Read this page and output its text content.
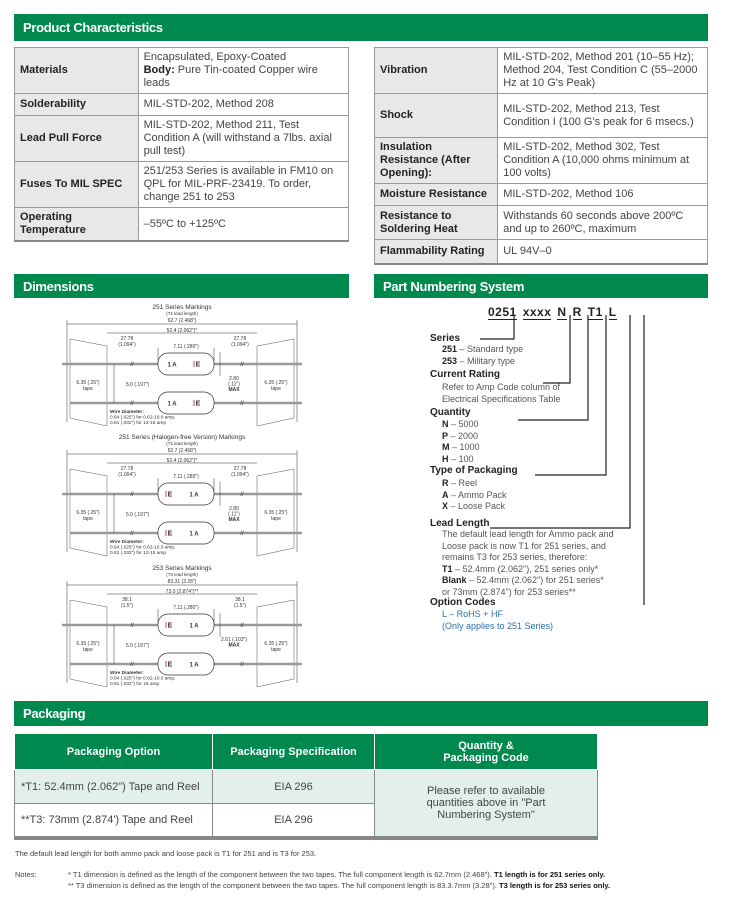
Product Characteristics
Materials	Encapsulated, Epoxy-Coated
Body: Pure Tin-coated Copper wire leads
Solderability	MIL-STD-202, Method 208
Lead Pull Force	MIL-STD-202, Method 211, Test Condition A (will withstand a 7lbs. axial pull test)
Fuses To MIL SPEC	251/253 Series is available in FM10 on QPL for MIL-PRF-23419. To order, change 251 to 253
Operating Temperature	–55ºC to +125ºC
Vibration	MIL-STD-202, Method 201 (10–55 Hz); Method 204, Test Condition C (55–2000 Hz at 10 G's Peak)
Shock	MIL-STD-202, Method 213, Test Condition I (100 G's peak for 6 msecs.)
Insulation Resistance (After Opening):	MIL-STD-202, Method 302, Test Condition A (10,000 ohms minimum at 100 volts)
Moisture Resistance	MIL-STD-202, Method 106
Resistance to Soldering Heat	Withstands 60 seconds above 200ºC and up to 260ºC, maximum
Flammability Rating	UL 94V–0
Dimensions	Part Numbering System
251 Series Markings
(T1 lead length)
62.7 (2.468")
52.4 (2.062")*
E
1 A
//	//
E
1 A
//	//
27.78
(1.094")
27.78
(1.094")
7.11 (.280")
2.80
(.11")
MAX
6.35 (.25")
tape
6.35 (.25")
tape
5.0 (.197")
Wire Diameter:
0.64 (.025") for 0.62-10.0 amp,
0.81 (.032") for 12-15 amp
251 Series (Halogen-free Version) Markings
(T1 lead length)
62.7 (2.468")
52.4 (2.062")*
E	1 A
//	//
E	1 A
//	//
27.78
(1.094")
27.78
(1.094")
7.11 (.280")
2.80
(.11")
MAX
6.35 (.25")
tape
6.35 (.25")
tape
5.0 (.197")
Wire Diameter:
0.64 (.025") for 0.62-10.0 amp,
0.81 (.032") for 12-15 amp
253 Series Markings
(T3 lead length)
83.31 (3.28")
73.0 (2.874")**
E	1 A
//	//
E	1 A
//	//
38.1
(1.5")
38.1
(1.5")
7.11 (.280")
2.61 (.103")
MAX
6.35 (.25")
tape
6.35 (.25")
tape
5.0 (.197")
Wire Diameter:
0.64 (.025") for 0.62-10.0 amp,
0.81 (.032") for 15 amp
0251 xxxx N R T1 L
Series
251 – Standard type
253 – Military type
Current Rating
Refer to Amp Code column of
Electrical Specifications Table
Quantity
N – 5000
P – 2000
M – 1000
H – 100
Type of Packaging
R – Reel
A – Ammo Pack
X – Loose Pack
Lead Length
The default lead length for Ammo pack and
Loose pack is now T1 for 251 series, and
remains T3 for 253 series, therefore:
T1 – 52.4mm (2.062"), 251 series only*
Blank – 52.4mm (2.062") for 251 series*
or 73mm (2.874") for 253 series**
Option Codes
L – RoHS + HF
(Only applies to 251 Series)
Packaging
Packaging Option	Packaging Specification	Quantity &
Packaging Code
*T1: 52.4mm (2.062") Tape and Reel	EIA 296	Please refer to available quantities above in "Part Numbering System"
**T3: 73mm (2.874') Tape and Reel	EIA 296	
The default lead length for both ammo pack and loose pack is T1 for 251 and is T3 for 253.
Notes:	* T1 dimension is defined as the length of the component between the two tapes. The full component length is 62.7mm (2.468"). T1 length is for 251 series only.
** T3 dimension is defined as the length of the component between the two tapes. The full component length is 83.3.7mm (3.28"). T3 length is for 253 series only.
